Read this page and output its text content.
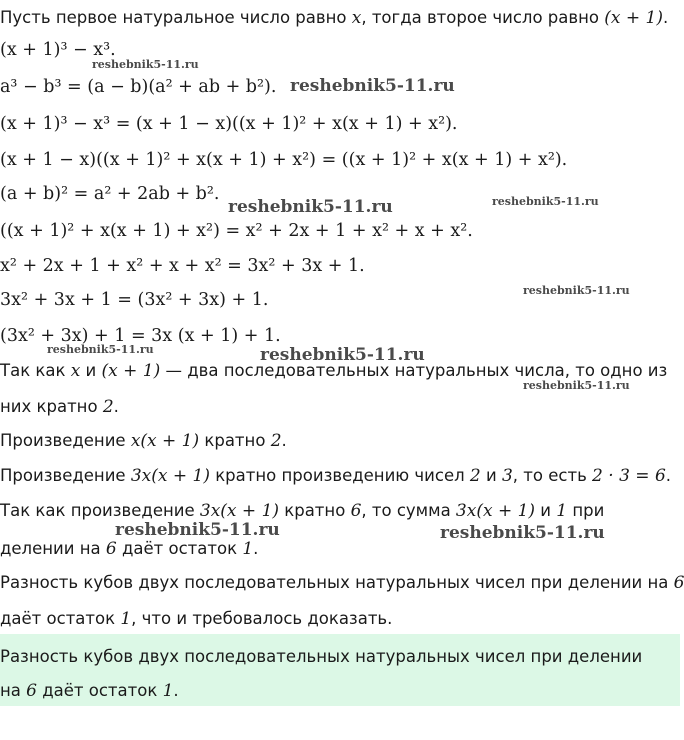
Пусть первое натуральное число равно x, тогда второе число равно (x + 1).
(x + 1)³ − x³.
a³ − b³ = (a − b)(a² + ab + b²).
(x + 1)³ − x³ = (x + 1 − x)((x + 1)² + x(x + 1) + x²).
(x + 1 − x)((x + 1)² + x(x + 1) + x²) = ((x + 1)² + x(x + 1) + x²).
(a + b)² = a² + 2ab + b².
((x + 1)² + x(x + 1) + x²) = x² + 2x + 1 + x² + x + x².
x² + 2x + 1 + x² + x + x² = 3x² + 3x + 1.
3x² + 3x + 1 = (3x² + 3x) + 1.
(3x² + 3x) + 1 = 3x (x + 1) + 1.
Так как x и (x + 1) — два последовательных натуральных числа, то одно из
них кратно 2.
Произведение x(x + 1) кратно 2.
Произведение 3x(x + 1) кратно произведению чисел 2 и 3, то есть 2 · 3 = 6.
Так как произведение 3x(x + 1) кратно 6, то сумма 3x(x + 1) и 1 при
делении на 6 даёт остаток 1.
Разность кубов двух последовательных натуральных чисел при делении на 6
даёт остаток 1, что и требовалось доказать.
Разность кубов двух последовательных натуральных чисел при делении
на 6 даёт остаток 1.
reshebnik5-11.ru
reshebnik5-11.ru
reshebnik5-11.ru	reshebnik5-11.ru
reshebnik5-11.ru
reshebnik5-11.ru	reshebnik5-11.ru
reshebnik5-11.ru
reshebnik5-11.ru	reshebnik5-11.ru
